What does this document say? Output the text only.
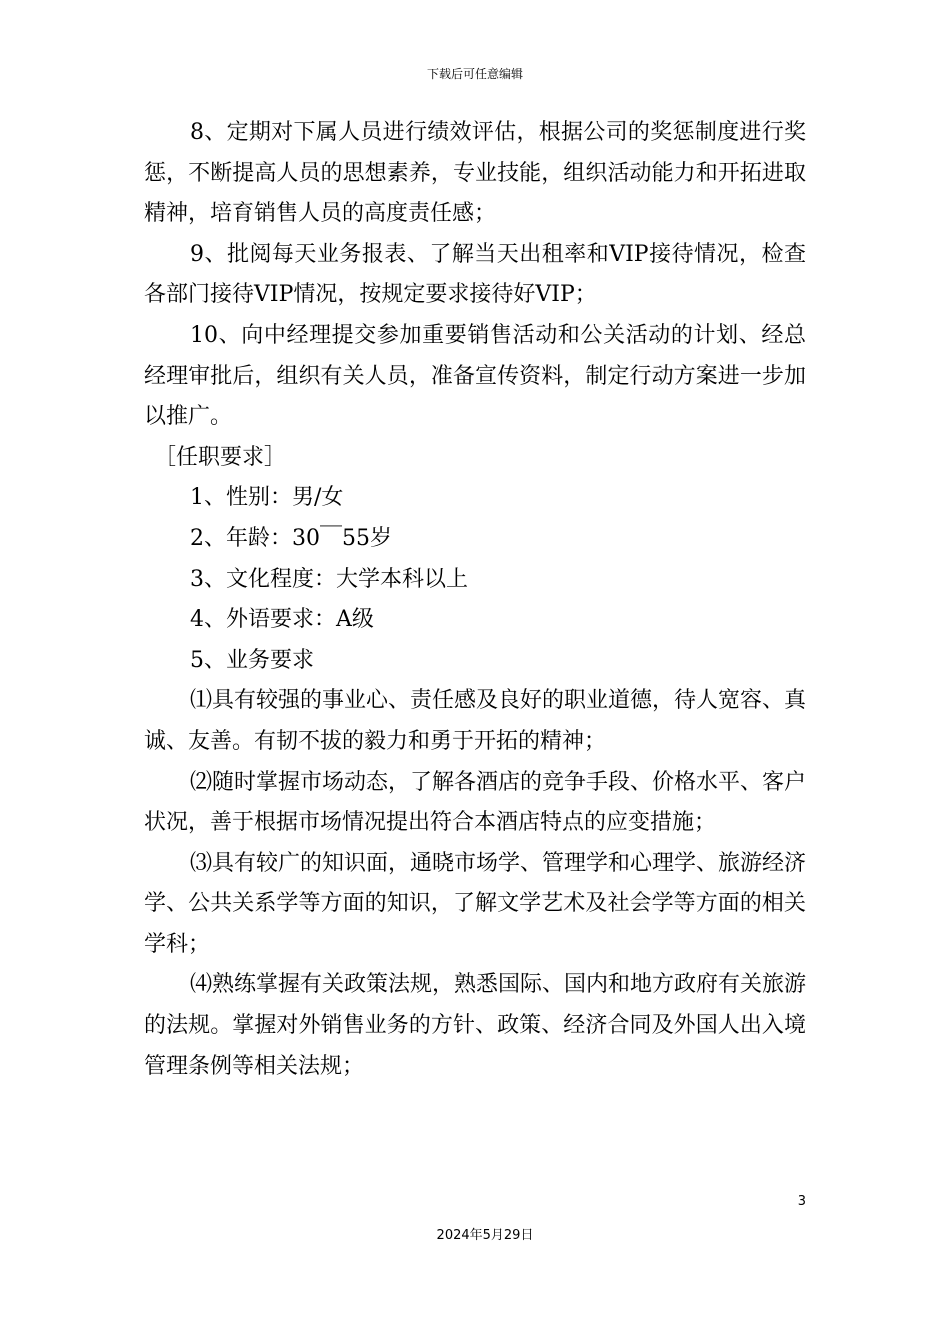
下载后可任意编辑

8、定期对下属人员进行绩效评估，根据公司的奖惩制度进行奖惩，不断提高人员的思想素养，专业技能，组织活动能力和开拓进取精神，培育销售人员的高度责任感；

9、批阅每天业务报表、了解当天出租率和VIP接待情况，检查各部门接待VIP情况，按规定要求接待好VIP；

10、向中经理提交参加重要销售活动和公关活动的计划、经总经理审批后，组织有关人员，准备宣传资料，制定行动方案进一步加以推广。

［任职要求］

1、性别：男/女

2、年龄：30￣55岁

3、文化程度：大学本科以上

4、外语要求：A级

5、业务要求

⑴具有较强的事业心、责任感及良好的职业道德，待人宽容、真诚、友善。有韧不拔的毅力和勇于开拓的精神；

⑵随时掌握市场动态，了解各酒店的竞争手段、价格水平、客户状况，善于根据市场情况提出符合本酒店特点的应变措施；

⑶具有较广的知识面，通晓市场学、管理学和心理学、旅游经济学、公共关系学等方面的知识，了解文学艺术及社会学等方面的相关学科；

⑷熟练掌握有关政策法规，熟悉国际、国内和地方政府有关旅游的法规。掌握对外销售业务的方针、政策、经济合同及外国人出入境管理条例等相关法规；

3
2024年5月29日
